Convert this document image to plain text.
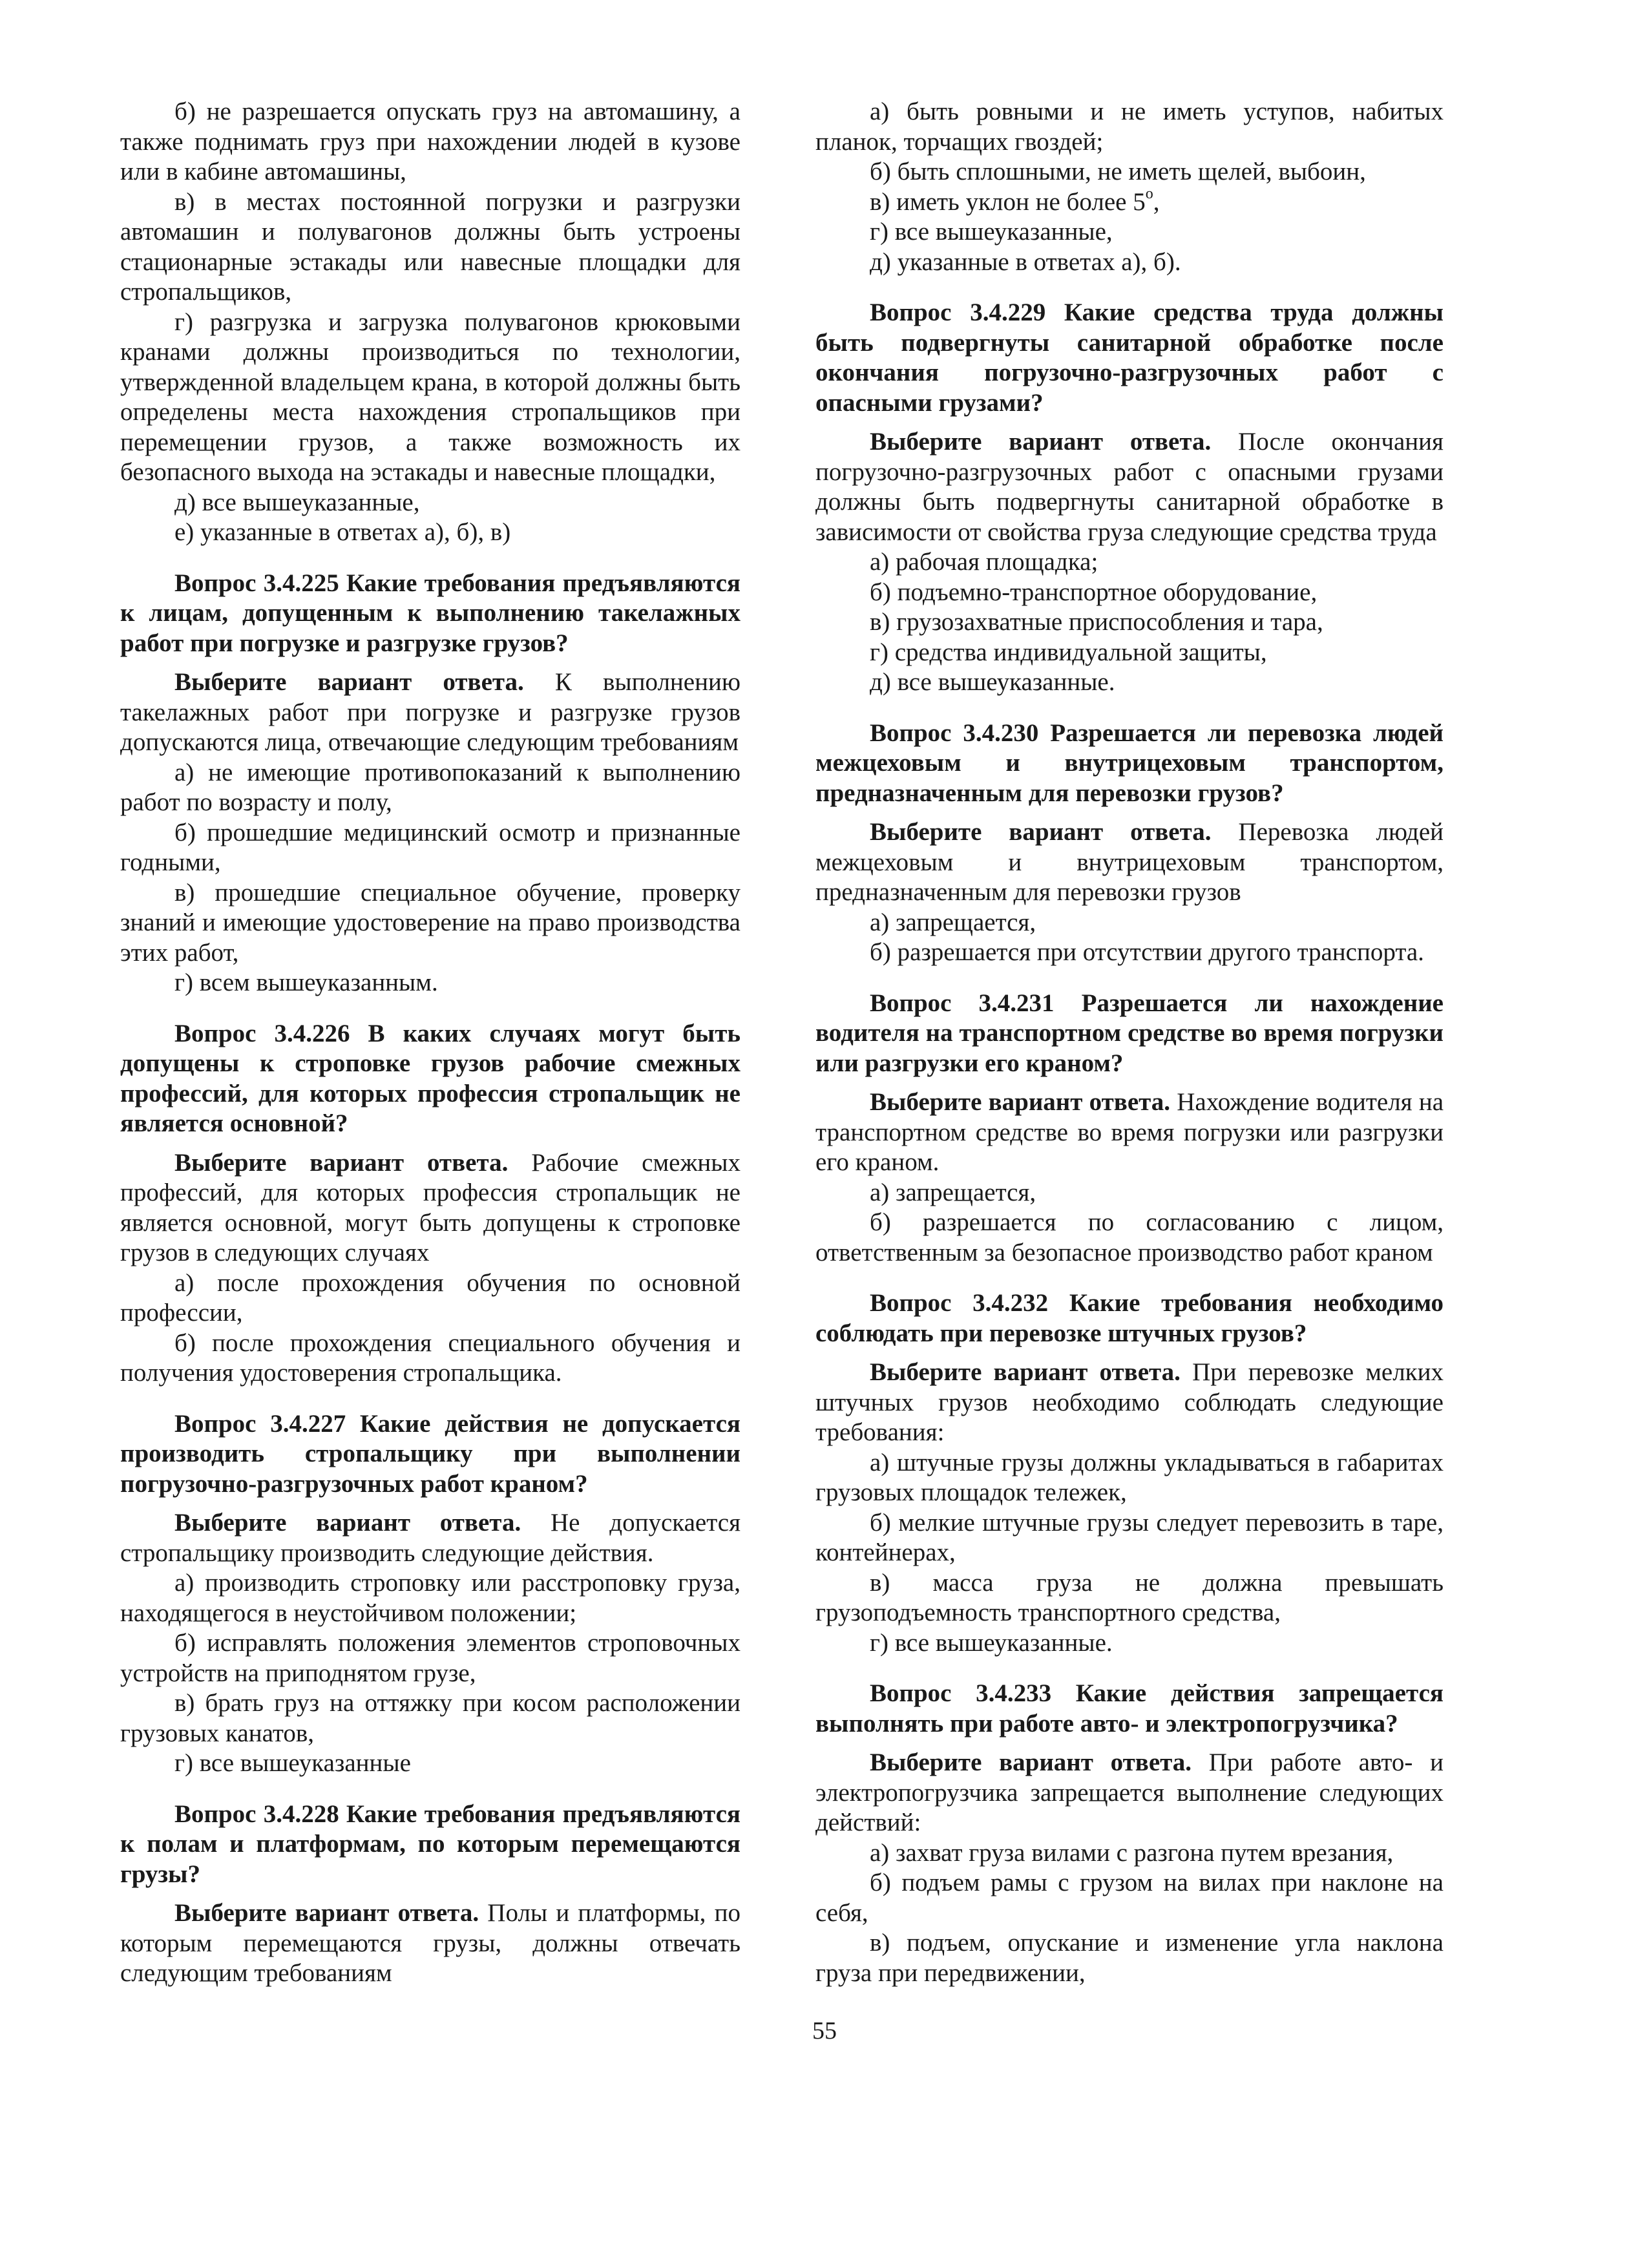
б) не разрешается опускать груз на автомашину, а также поднимать груз при нахождении людей в кузове или в кабине автомашины,

в) в местах постоянной погрузки и разгрузки автомашин и полувагонов должны быть устроены стационарные эстакады или навесные площадки для стропальщиков,

г) разгрузка и загрузка полувагонов крюковыми кранами должны производиться по технологии, утвержденной владельцем крана, в которой должны быть определены места нахождения стропальщиков при перемещении грузов, а также возможность их безопасного выхода на эстакады и навесные площадки,

д) все вышеуказанные,

е) указанные в ответах а), б), в)

Вопрос 3.4.225 Какие требования предъявляются к лицам, допущенным к выполнению такелажных работ при погрузке и разгрузке грузов?

Выберите вариант ответа. К выполнению такелажных работ при погрузке и разгрузке грузов допускаются лица, отвечающие следующим требованиям

а) не имеющие противопоказаний к выполнению работ по возрасту и полу,

б) прошедшие медицинский осмотр и признанные годными,

в) прошедшие специальное обучение, проверку знаний и имеющие удостоверение на право производства этих работ,

г) всем вышеуказанным.

Вопрос 3.4.226 В каких случаях могут быть допущены к строповке грузов рабочие смежных профессий, для которых профессия стропальщик не является основной?

Выберите вариант ответа. Рабочие смежных профессий, для которых профессия стропальщик не является основной, могут быть допущены к строповке грузов в следующих случаях

а) после прохождения обучения по основной профессии,

б) после прохождения специального обучения и получения удостоверения стропальщика.

Вопрос 3.4.227 Какие действия не допускается производить стропальщику при выполнении погрузочно-разгрузочных работ краном?

Выберите вариант ответа. Не допускается стропальщику производить следующие действия.

а) производить строповку или расстроповку груза, находящегося в неустойчивом положении;

б) исправлять положения элементов строповочных устройств на приподнятом грузе,

в) брать груз на оттяжку при косом расположении грузовых канатов,

г) все вышеуказанные

Вопрос 3.4.228 Какие требования предъявляются к полам и платформам, по которым перемещаются грузы?

Выберите вариант ответа. Полы и платформы, по которым перемещаются грузы, должны отвечать следующим требованиям

а) быть ровными и не иметь уступов, набитых планок, торчащих гвоздей;

б) быть сплошными, не иметь щелей, выбоин,

в) иметь уклон не более $5^о$,

г) все вышеуказанные,

д) указанные в ответах а), б).

Вопрос 3.4.229 Какие средства труда должны быть подвергнуты санитарной обработке после окончания погрузочно-разгрузочных работ с опасными грузами?

Выберите вариант ответа. После окончания погрузочно-разгрузочных работ с опасными грузами должны быть подвергнуты санитарной обработке в зависимости от свойства груза следующие средства труда

а) рабочая площадка;

б) подъемно-транспортное оборудование,

в) грузозахватные приспособления и тара,

г) средства индивидуальной защиты,

д) все вышеуказанные.

Вопрос 3.4.230 Разрешается ли перевозка людей межцеховым и внутрицеховым транспортом, предназначенным для перевозки грузов?

Выберите вариант ответа. Перевозка людей межцеховым и внутрицеховым транспортом, предназначенным для перевозки грузов

а) запрещается,

б) разрешается при отсутствии другого транспорта.

Вопрос 3.4.231 Разрешается ли нахождение водителя на транспортном средстве во время погрузки или разгрузки его краном?

Выберите вариант ответа. Нахождение водителя на транспортном средстве во время погрузки или разгрузки его краном.

а) запрещается,

б) разрешается по согласованию с лицом, ответственным за безопасное производство работ краном

Вопрос 3.4.232 Какие требования необходимо соблюдать при перевозке штучных грузов?

Выберите вариант ответа. При перевозке мелких штучных грузов необходимо соблюдать следующие требования:

а) штучные грузы должны укладываться в габаритах грузовых площадок тележек,

б) мелкие штучные грузы следует перевозить в таре, контейнерах,

в) масса груза не должна превышать грузоподъемность транспортного средства,

г) все вышеуказанные.

Вопрос 3.4.233 Какие действия запрещается выполнять при работе авто- и электропогрузчика?

Выберите вариант ответа. При работе авто- и электропогрузчика запрещается выполнение следующих действий:

а) захват груза вилами с разгона путем врезания,

б) подъем рамы с грузом на вилах при наклоне на себя,

в) подъем, опускание и изменение угла наклона груза при передвижении,

55
